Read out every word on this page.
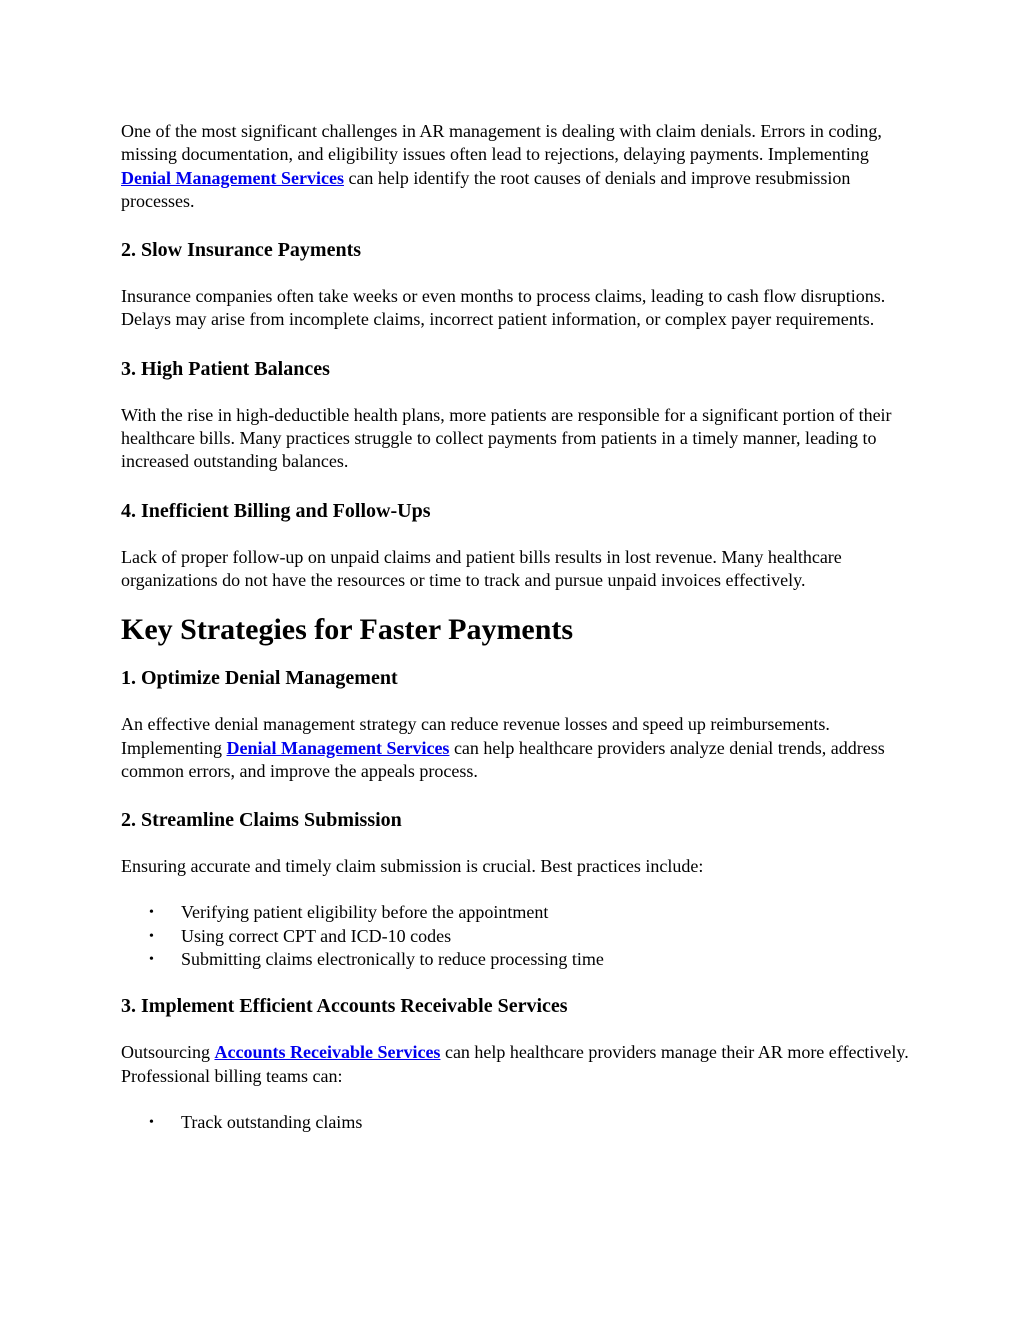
One of the most significant challenges in AR management is dealing with claim denials. Errors in coding, missing documentation, and eligibility issues often lead to rejections, delaying payments. Implementing Denial Management Services can help identify the root causes of denials and improve resubmission processes.

2. Slow Insurance Payments

Insurance companies often take weeks or even months to process claims, leading to cash flow disruptions. Delays may arise from incomplete claims, incorrect patient information, or complex payer requirements.

3. High Patient Balances

With the rise in high-deductible health plans, more patients are responsible for a significant portion of their healthcare bills. Many practices struggle to collect payments from patients in a timely manner, leading to increased outstanding balances.

4. Inefficient Billing and Follow-Ups

Lack of proper follow-up on unpaid claims and patient bills results in lost revenue. Many healthcare organizations do not have the resources or time to track and pursue unpaid invoices effectively.

Key Strategies for Faster Payments
1. Optimize Denial Management

An effective denial management strategy can reduce revenue losses and speed up reimbursements. Implementing Denial Management Services can help healthcare providers analyze denial trends, address common errors, and improve the appeals process.

2. Streamline Claims Submission

Ensuring accurate and timely claim submission is crucial. Best practices include:

• Verifying patient eligibility before the appointment
• Using correct CPT and ICD-10 codes
• Submitting claims electronically to reduce processing time
3. Implement Efficient Accounts Receivable Services

Outsourcing Accounts Receivable Services can help healthcare providers manage their AR more effectively. Professional billing teams can:

• Track outstanding claims
